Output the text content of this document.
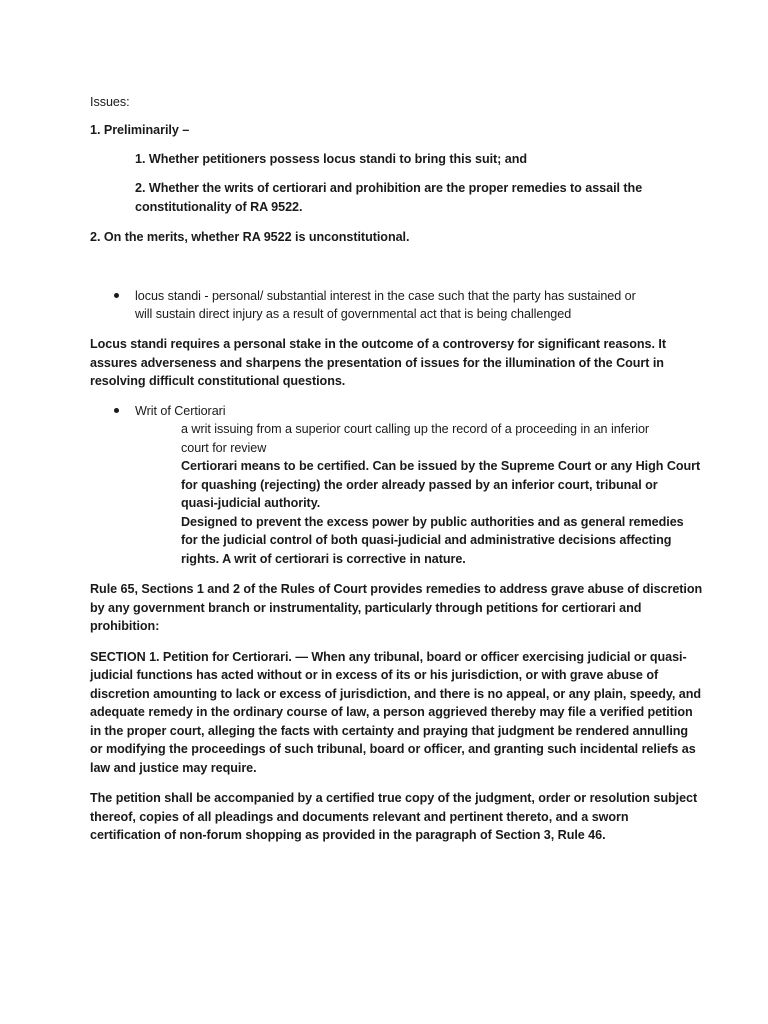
Issues:
1. Preliminarily –
1. Whether petitioners possess locus standi to bring this suit; and
2. Whether the writs of certiorari and prohibition are the proper remedies to assail the
constitutionality of RA 9522.
2. On the merits, whether RA 9522 is unconstitutional.
locus standi - personal/ substantial interest in the case such that the party has sustained or
will sustain direct injury as a result of governmental act that is being challenged
Locus standi requires a personal stake in the outcome of a controversy for significant reasons. It
assures adverseness and sharpens the presentation of issues for the illumination of the Court in
resolving difficult constitutional questions.
Writ of Certiorari
a writ issuing from a superior court calling up the record of a proceeding in an inferior
court for review
Certiorari means to be certified. Can be issued by the Supreme Court or any High Court
for quashing (rejecting) the order already passed by an inferior court, tribunal or
quasi-judicial authority.
Designed to prevent the excess power by public authorities and as general remedies
for the judicial control of both quasi-judicial and administrative decisions affecting
rights. A writ of certiorari is corrective in nature.
Rule 65, Sections 1 and 2 of the Rules of Court provides remedies to address grave abuse of discretion
by any government branch or instrumentality, particularly through petitions for certiorari and
prohibition:
SECTION 1. Petition for Certiorari. — When any tribunal, board or officer exercising judicial or quasi-
judicial functions has acted without or in excess of its or his jurisdiction, or with grave abuse of
discretion amounting to lack or excess of jurisdiction, and there is no appeal, or any plain, speedy, and
adequate remedy in the ordinary course of law, a person aggrieved thereby may file a verified petition
in the proper court, alleging the facts with certainty and praying that judgment be rendered annulling
or modifying the proceedings of such tribunal, board or officer, and granting such incidental reliefs as
law and justice may require.
The petition shall be accompanied by a certified true copy of the judgment, order or resolution subject
thereof, copies of all pleadings and documents relevant and pertinent thereto, and a sworn
certification of non-forum shopping as provided in the paragraph of Section 3, Rule 46.
